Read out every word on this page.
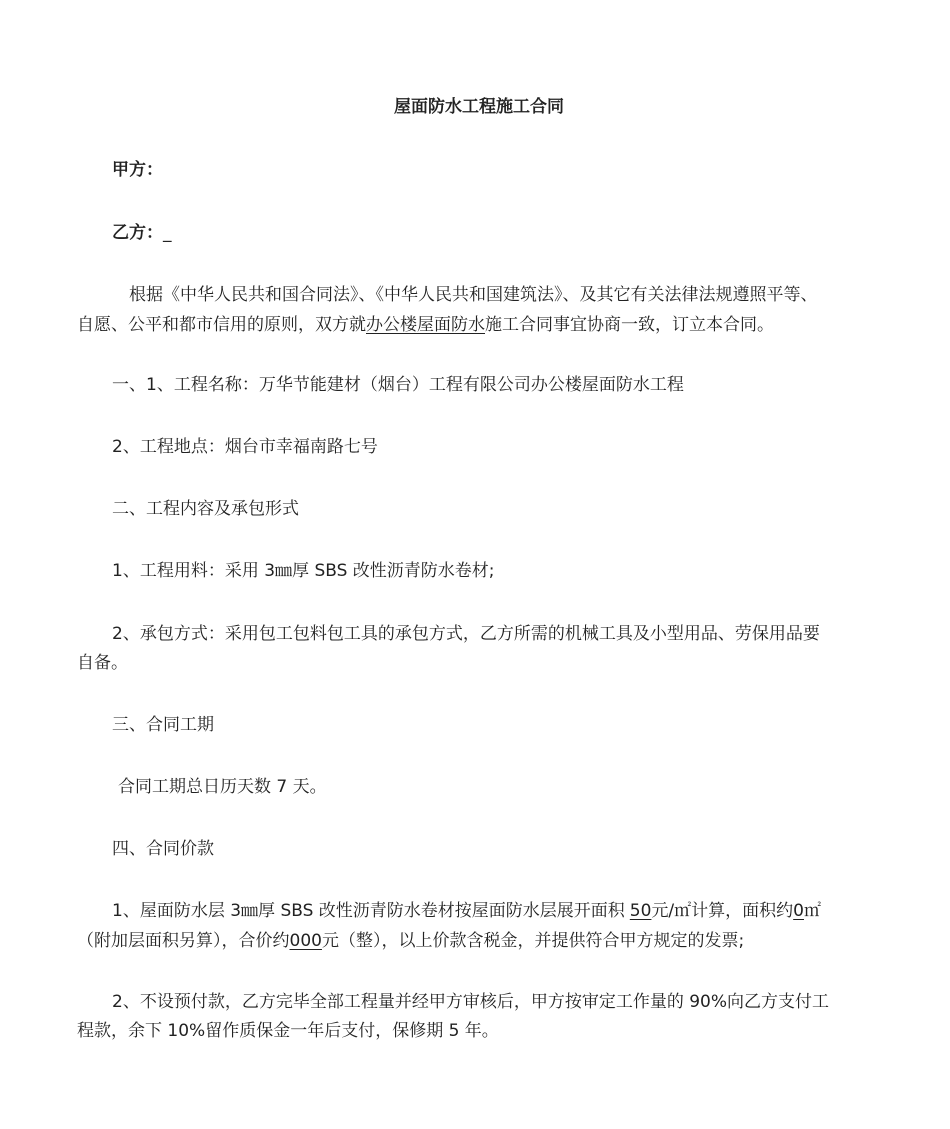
屋面防水工程施工合同
甲方：
乙方：_
根据《中华人民共和国合同法》、《中华人民共和国建筑法》、及其它有关法律法规遵照平等、
自愿、公平和都市信用的原则，双方就办公楼屋面防水施工合同事宜协商一致，订立本合同。
一、1、工程名称：万华节能建材（烟台）工程有限公司办公楼屋面防水工程
2、工程地点：烟台市幸福南路七号
二、工程内容及承包形式
1、工程用料：采用 3㎜厚 SBS 改性沥青防水卷材;
2、承包方式：采用包工包料包工具的承包方式，乙方所需的机械工具及小型用品、劳保用品要
自备。
三、合同工期
合同工期总日历天数 7 天。
四、合同价款
1、屋面防水层 3㎜厚 SBS 改性沥青防水卷材按屋面防水层展开面积 50元/㎡计算，面积约0㎡
（附加层面积另算），合价约000元（整），以上价款含税金，并提供符合甲方规定的发票;
2、不设预付款，乙方完毕全部工程量并经甲方审核后，甲方按审定工作量的 90%向乙方支付工
程款，余下 10%留作质保金一年后支付，保修期 5 年。
